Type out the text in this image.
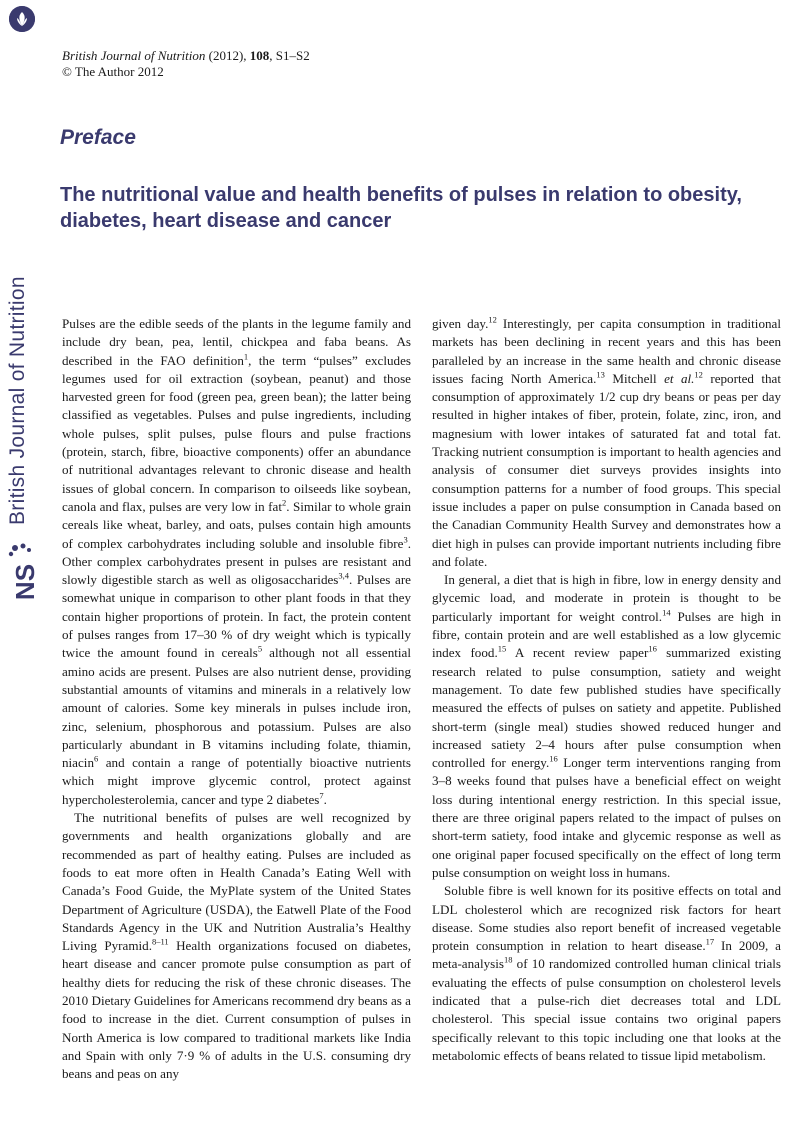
British Journal of Nutrition
NS
British Journal of Nutrition (2012), 108, S1–S2
© The Author 2012
Preface
The nutritional value and health benefits of pulses in relation to obesity, diabetes, heart disease and cancer

Pulses are the edible seeds of the plants in the legume family and include dry bean, pea, lentil, chickpea and faba beans. As described in the FAO definition$^1$, the term “pulses” excludes legumes used for oil extraction (soybean, peanut) and those harvested green for food (green pea, green bean); the latter being classified as vegetables. Pulses and pulse ingredients, including whole pulses, split pulses, pulse flours and pulse fractions (protein, starch, fibre, bioactive components) offer an abundance of nutritional advantages relevant to chronic disease and health issues of global concern. In comparison to oilseeds like soybean, canola and flax, pulses are very low in fat$^2$. Similar to whole grain cereals like wheat, barley, and oats, pulses contain high amounts of complex carbohydrates including soluble and insoluble fibre$^3$. Other complex carbohydrates present in pulses are resistant and slowly digestible starch as well as oligosaccharides$^{3,4}$. Pulses are somewhat unique in comparison to other plant foods in that they contain higher proportions of protein. In fact, the protein content of pulses ranges from 17–30 % of dry weight which is typically twice the amount found in cereals$^5$ although not all essential amino acids are present. Pulses are also nutrient dense, providing substantial amounts of vitamins and minerals in a relatively low amount of calories. Some key minerals in pulses include iron, zinc, selenium, phosphorous and potassium. Pulses are also particularly abundant in B vitamins including folate, thiamin, niacin$^6$ and contain a range of potentially bioactive nutrients which might improve glycemic control, protect against hypercholesterolemia, cancer and type 2 diabetes$^7$.

The nutritional benefits of pulses are well recognized by governments and health organizations globally and are recommended as part of healthy eating. Pulses are included as foods to eat more often in Health Canada’s Eating Well with Canada’s Food Guide, the MyPlate system of the United States Department of Agriculture (USDA), the Eatwell Plate of the Food Standards Agency in the UK and Nutrition Australia’s Healthy Living Pyramid.$^{8-11}$ Health organizations focused on diabetes, heart disease and cancer promote pulse consumption as part of healthy diets for reducing the risk of these chronic diseases. The 2010 Dietary Guidelines for Americans recommend dry beans as a food to increase in the diet. Current consumption of pulses in North America is low compared to traditional markets like India and Spain with only 7·9 % of adults in the U.S. consuming dry beans and peas on any

given day.$^{12}$ Interestingly, per capita consumption in traditional markets has been declining in recent years and this has been paralleled by an increase in the same health and chronic disease issues facing North America.$^{13}$ Mitchell et al.$^{12}$ reported that consumption of approximately 1/2 cup dry beans or peas per day resulted in higher intakes of fiber, protein, folate, zinc, iron, and magnesium with lower intakes of saturated fat and total fat. Tracking nutrient consumption is important to health agencies and analysis of consumer diet surveys provides insights into consumption patterns for a number of food groups. This special issue includes a paper on pulse consumption in Canada based on the Canadian Community Health Survey and demonstrates how a diet high in pulses can provide important nutrients including fibre and folate.

In general, a diet that is high in fibre, low in energy density and glycemic load, and moderate in protein is thought to be particularly important for weight control.$^{14}$ Pulses are high in fibre, contain protein and are well established as a low glycemic index food.$^{15}$ A recent review paper$^{16}$ summarized existing research related to pulse consumption, satiety and weight management. To date few published studies have specifically measured the effects of pulses on satiety and appetite. Published short-term (single meal) studies showed reduced hunger and increased satiety 2–4 hours after pulse consumption when controlled for energy.$^{16}$ Longer term interventions ranging from 3–8 weeks found that pulses have a beneficial effect on weight loss during intentional energy restriction. In this special issue, there are three original papers related to the impact of pulses on short-term satiety, food intake and glycemic response as well as one original paper focused specifically on the effect of long term pulse consumption on weight loss in humans.

Soluble fibre is well known for its positive effects on total and LDL cholesterol which are recognized risk factors for heart disease. Some studies also report benefit of increased vegetable protein consumption in relation to heart disease.$^{17}$ In 2009, a meta-analysis$^{18}$ of 10 randomized controlled human clinical trials evaluating the effects of pulse consumption on cholesterol levels indicated that a pulse-rich diet decreases total and LDL cholesterol. This special issue contains two original papers specifically relevant to this topic including one that looks at the metabolomic effects of beans related to tissue lipid metabolism.
